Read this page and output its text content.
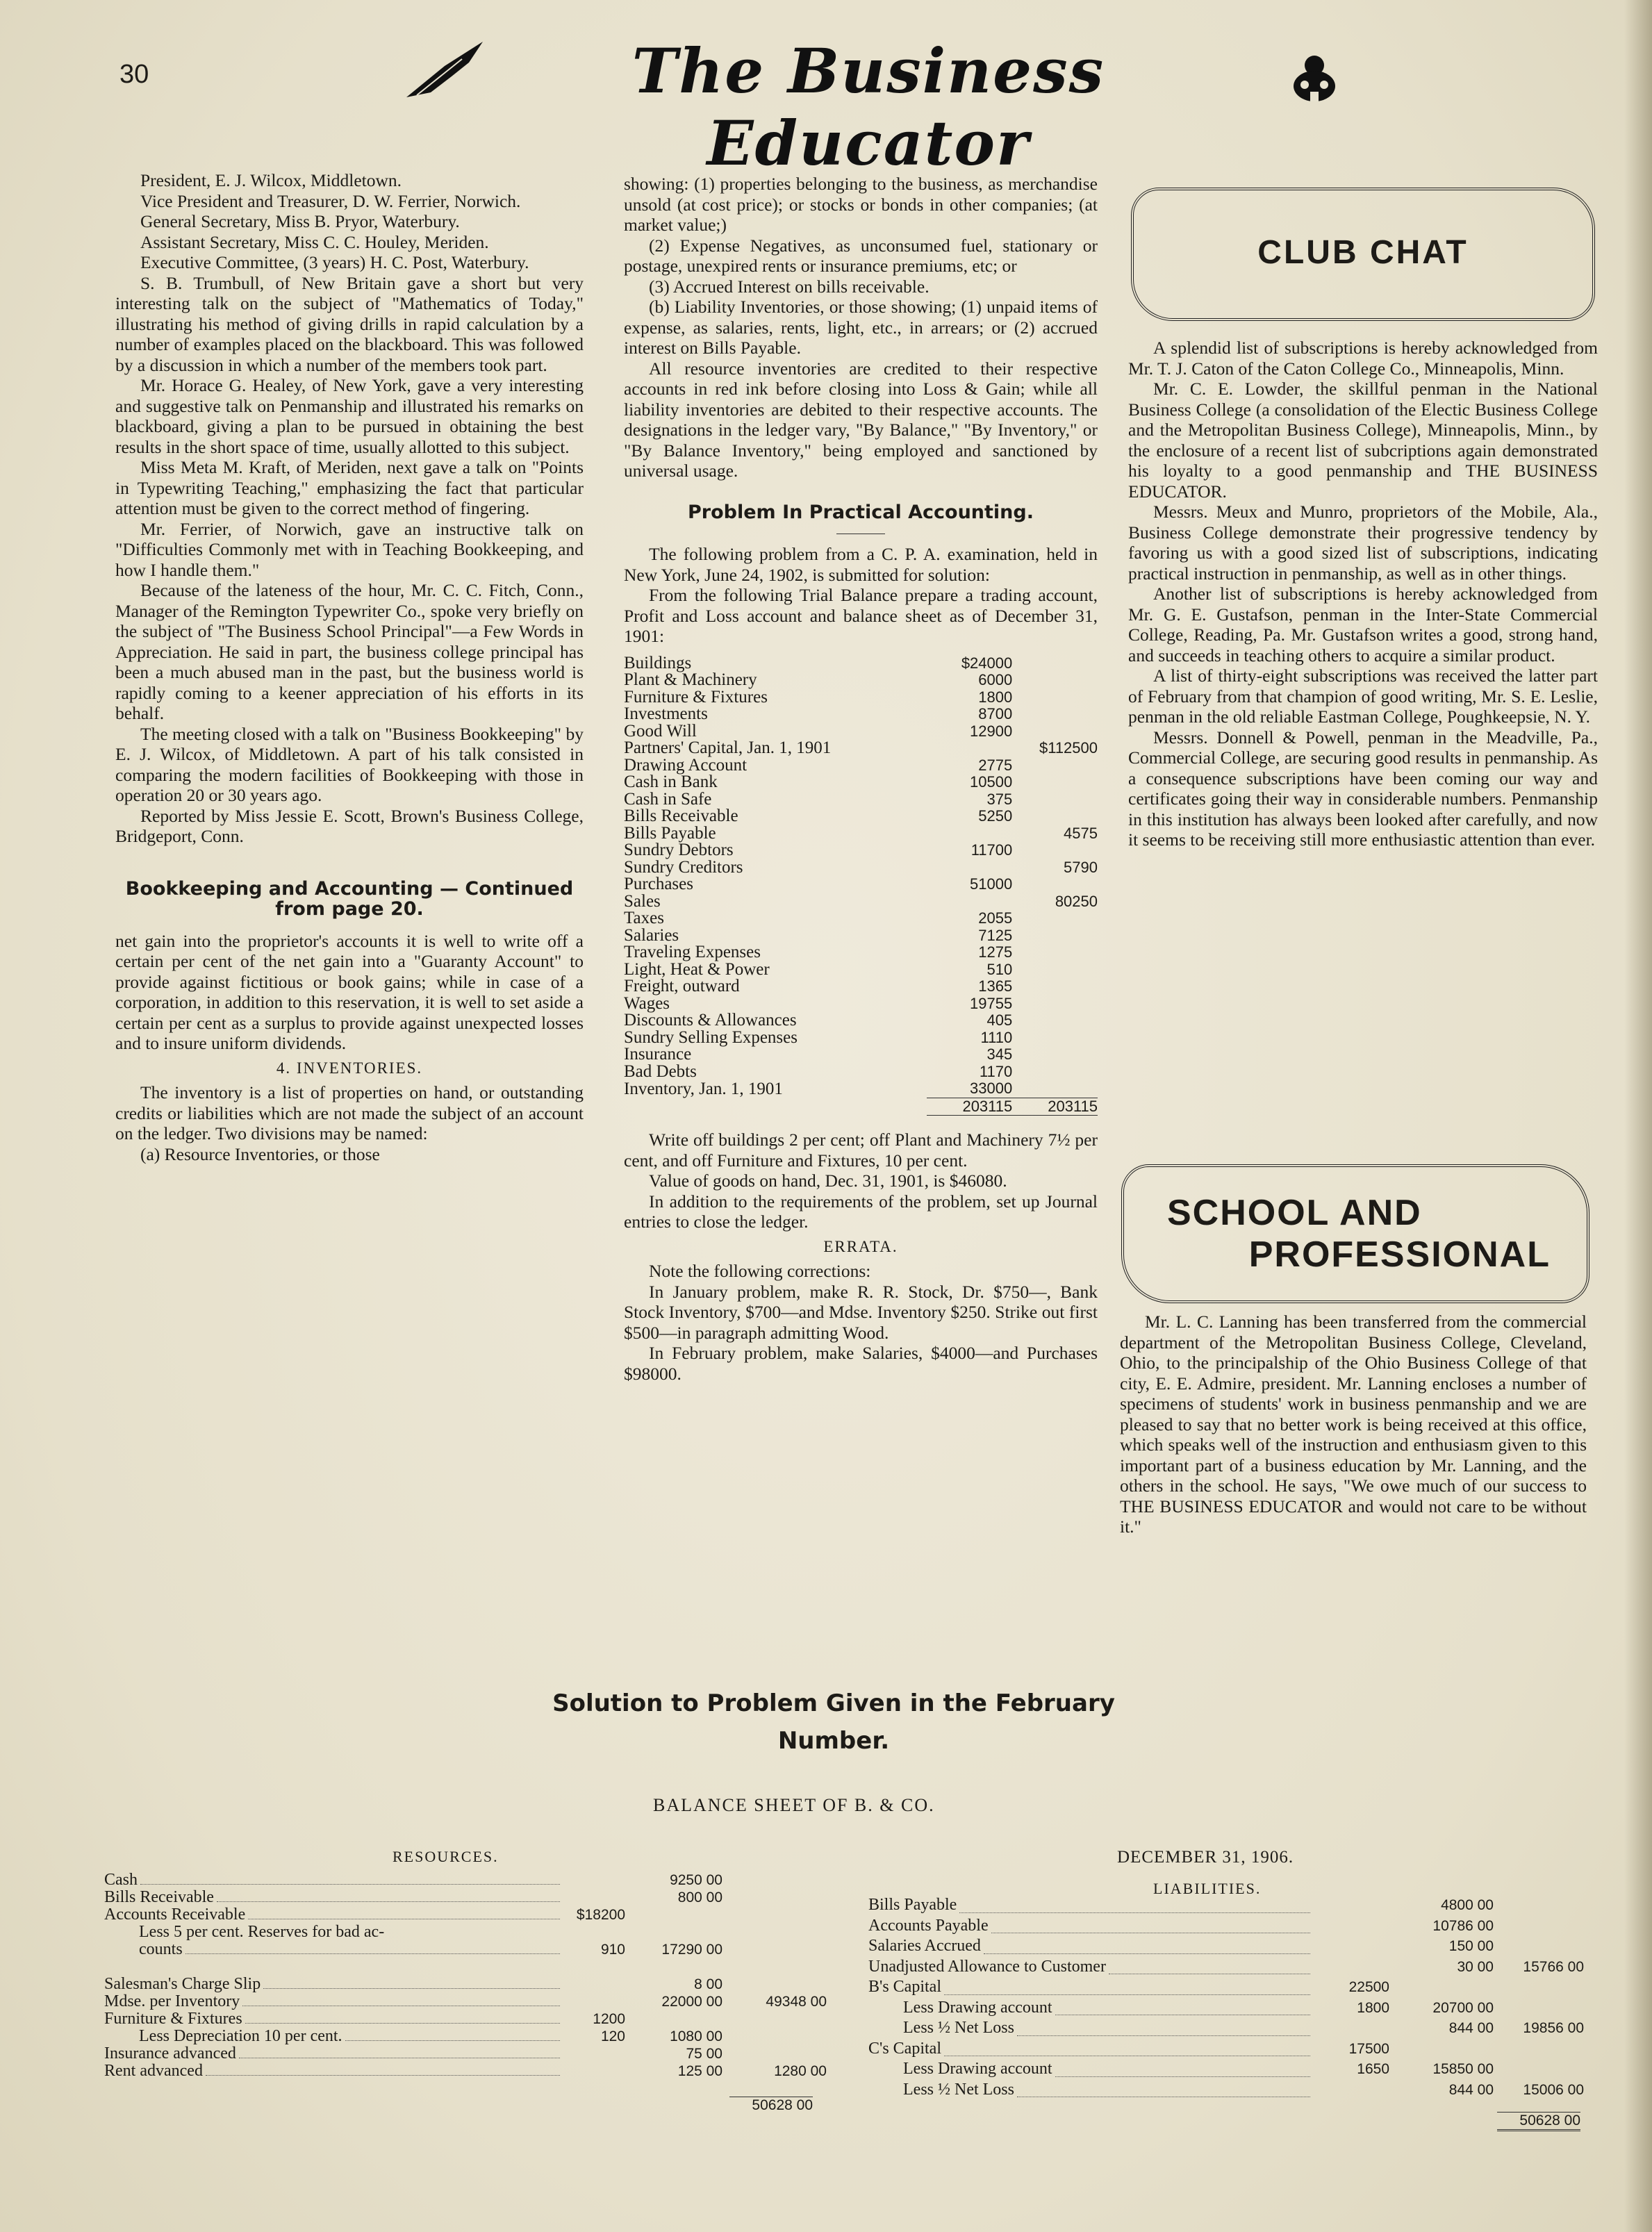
30	The Business Educator

President, E. J. Wilcox, Middletown.

Vice President and Treasurer, D. W. Ferrier, Norwich.

General Secretary, Miss B. Pryor, Waterbury.

Assistant Secretary, Miss C. C. Houley, Meriden.

Executive Committee, (3 years) H. C. Post, Waterbury.

S. B. Trumbull, of New Britain gave a short but very interesting talk on the subject of "Mathematics of Today," illustrating his method of giving drills in rapid calculation by a number of examples placed on the blackboard. This was followed by a discussion in which a number of the members took part.

Mr. Horace G. Healey, of New York, gave a very interesting and suggestive talk on Penmanship and illustrated his remarks on blackboard, giving a plan to be pursued in obtaining the best results in the short space of time, usually allotted to this subject.

Miss Meta M. Kraft, of Meriden, next gave a talk on "Points in Typewriting Teaching," emphasizing the fact that particular attention must be given to the correct method of fingering.

Mr. Ferrier, of Norwich, gave an instructive talk on "Difficulties Commonly met with in Teaching Bookkeeping, and how I handle them."

Because of the lateness of the hour, Mr. C. C. Fitch, Conn., Manager of the Remington Typewriter Co., spoke very briefly on the subject of "The Business School Principal"—a Few Words in Appreciation. He said in part, the business college principal has been a much abused man in the past, but the business world is rapidly coming to a keener appreciation of his efforts in its behalf.

The meeting closed with a talk on "Business Bookkeeping" by E. J. Wilcox, of Middletown. A part of his talk consisted in comparing the modern facilities of Bookkeeping with those in operation 20 or 30 years ago.

Reported by Miss Jessie E. Scott, Brown's Business College, Bridgeport, Conn.

Bookkeeping and Accounting — Continued from page 20.

net gain into the proprietor's accounts it is well to write off a certain per cent of the net gain into a "Guaranty Account" to provide against fictitious or book gains; while in case of a corporation, in addition to this reservation, it is well to set aside a certain per cent as a surplus to provide against unexpected losses and to insure uniform dividends.

4. INVENTORIES.

The inventory is a list of properties on hand, or outstanding credits or liabilities which are not made the subject of an account on the ledger. Two divisions may be named:

(a) Resource Inventories, or those

showing: (1) properties belonging to the business, as merchandise unsold (at cost price); or stocks or bonds in other companies; (at market value;)

(2) Expense Negatives, as unconsumed fuel, stationary or postage, unexpired rents or insurance premiums, etc; or

(3) Accrued Interest on bills receivable.

(b) Liability Inventories, or those showing; (1) unpaid items of expense, as salaries, rents, light, etc., in arrears; or (2) accrued interest on Bills Payable.

All resource inventories are credited to their respective accounts in red ink before closing into Loss & Gain; while all liability inventories are debited to their respective accounts. The designations in the ledger vary, "By Balance," "By Inventory," or "By Balance Inventory," being employed and sanctioned by universal usage.

Problem In Practical Accounting.

The following problem from a C. P. A. examination, held in New York, June 24, 1902, is submitted for solution:

From the following Trial Balance prepare a trading account, Profit and Loss account and balance sheet as of December 31, 1901:

Buildings	$24000	
Plant & Machinery	6000	
Furniture & Fixtures	1800	
Investments	8700	
Good Will	12900	
Partners' Capital, Jan. 1, 1901		$112500
Drawing Account	2775	
Cash in Bank	10500	
Cash in Safe	375	
Bills Receivable	5250	
Bills Payable		4575
Sundry Debtors	11700	
Sundry Creditors		5790
Purchases	51000	
Sales		80250
Taxes	2055	
Salaries	7125	
Traveling Expenses	1275	
Light, Heat & Power	510	
Freight, outward	1365	
Wages	19755	
Discounts & Allowances	405	
Sundry Selling Expenses	1110	
Insurance	345	
Bad Debts	1170	
Inventory, Jan. 1, 1901	33000	
	203115	203115

Write off buildings 2 per cent; off Plant and Machinery 7½ per cent, and off Furniture and Fixtures, 10 per cent.

Value of goods on hand, Dec. 31, 1901, is $46080.

In addition to the requirements of the problem, set up Journal entries to close the ledger.

ERRATA.

Note the following corrections:

In January problem, make R. R. Stock, Dr. $750—, Bank Stock Inventory, $700—and Mdse. Inventory $250. Strike out first $500—in paragraph admitting Wood.

In February problem, make Salaries, $4000—and Purchases $98000.

CLUB CHAT

A splendid list of subscriptions is hereby acknowledged from Mr. T. J. Caton of the Caton College Co., Minneapolis, Minn.

Mr. C. E. Lowder, the skillful penman in the National Business College (a consolidation of the Electic Business College and the Metropolitan Business College), Minneapolis, Minn., by the enclosure of a recent list of subcriptions again demonstrated his loyalty to a good penmanship and THE BUSINESS EDUCATOR.

Messrs. Meux and Munro, proprietors of the Mobile, Ala., Business College demonstrate their progressive tendency by favoring us with a good sized list of subscriptions, indicating practical instruction in penmanship, as well as in other things.

Another list of subscriptions is hereby acknowledged from Mr. G. E. Gustafson, penman in the Inter-State Commercial College, Reading, Pa. Mr. Gustafson writes a good, strong hand, and succeeds in teaching others to acquire a similar product.

A list of thirty-eight subscriptions was received the latter part of February from that champion of good writing, Mr. S. E. Leslie, penman in the old reliable Eastman College, Poughkeepsie, N. Y.

Messrs. Donnell & Powell, penman in the Meadville, Pa., Commercial College, are securing good results in penmanship. As a consequence subscriptions have been coming our way and certificates going their way in considerable numbers. Penmanship in this institution has always been looked after carefully, and now it seems to be receiving still more enthusiastic attention than ever.

SCHOOL AND
PROFESSIONAL

Mr. L. C. Lanning has been transferred from the commercial department of the Metropolitan Business College, Cleveland, Ohio, to the principalship of the Ohio Business College of that city, E. E. Admire, president. Mr. Lanning encloses a number of specimens of students' work in business penmanship and we are pleased to say that no better work is being received at this office, which speaks well of the instruction and enthusiasm given to this important part of a business education by Mr. Lanning, and the others in the school. He says, "We owe much of our success to THE BUSINESS EDUCATOR and would not care to be without it."

Solution to Problem Given in the February
Number.
BALANCE SHEET OF B. & CO.
RESOURCES.	DECEMBER 31, 1906.
LIABILITIES.
Cash	9250 00
Bills Receivable	800 00
Accounts Receivable	$18200
Less 5 per cent. Reserves for bad ac-
counts	910	17290 00
Salesman's Charge Slip	8 00
Mdse. per Inventory	22000 00	49348 00
Furniture & Fixtures	1200
Less Depreciation 10 per cent.	120	1080 00
Insurance advanced	75 00
Rent advanced	125 00	1280 00
50628 00
Bills Payable	4800 00
Accounts Payable	10786 00
Salaries Accrued	150 00
Unadjusted Allowance to Customer	30 00	15766 00
B's Capital	22500
Less Drawing account	1800	20700 00
Less ½ Net Loss	844 00	19856 00
C's Capital	17500
Less Drawing account	1650	15850 00
Less ½ Net Loss	844 00	15006 00
50628 00
